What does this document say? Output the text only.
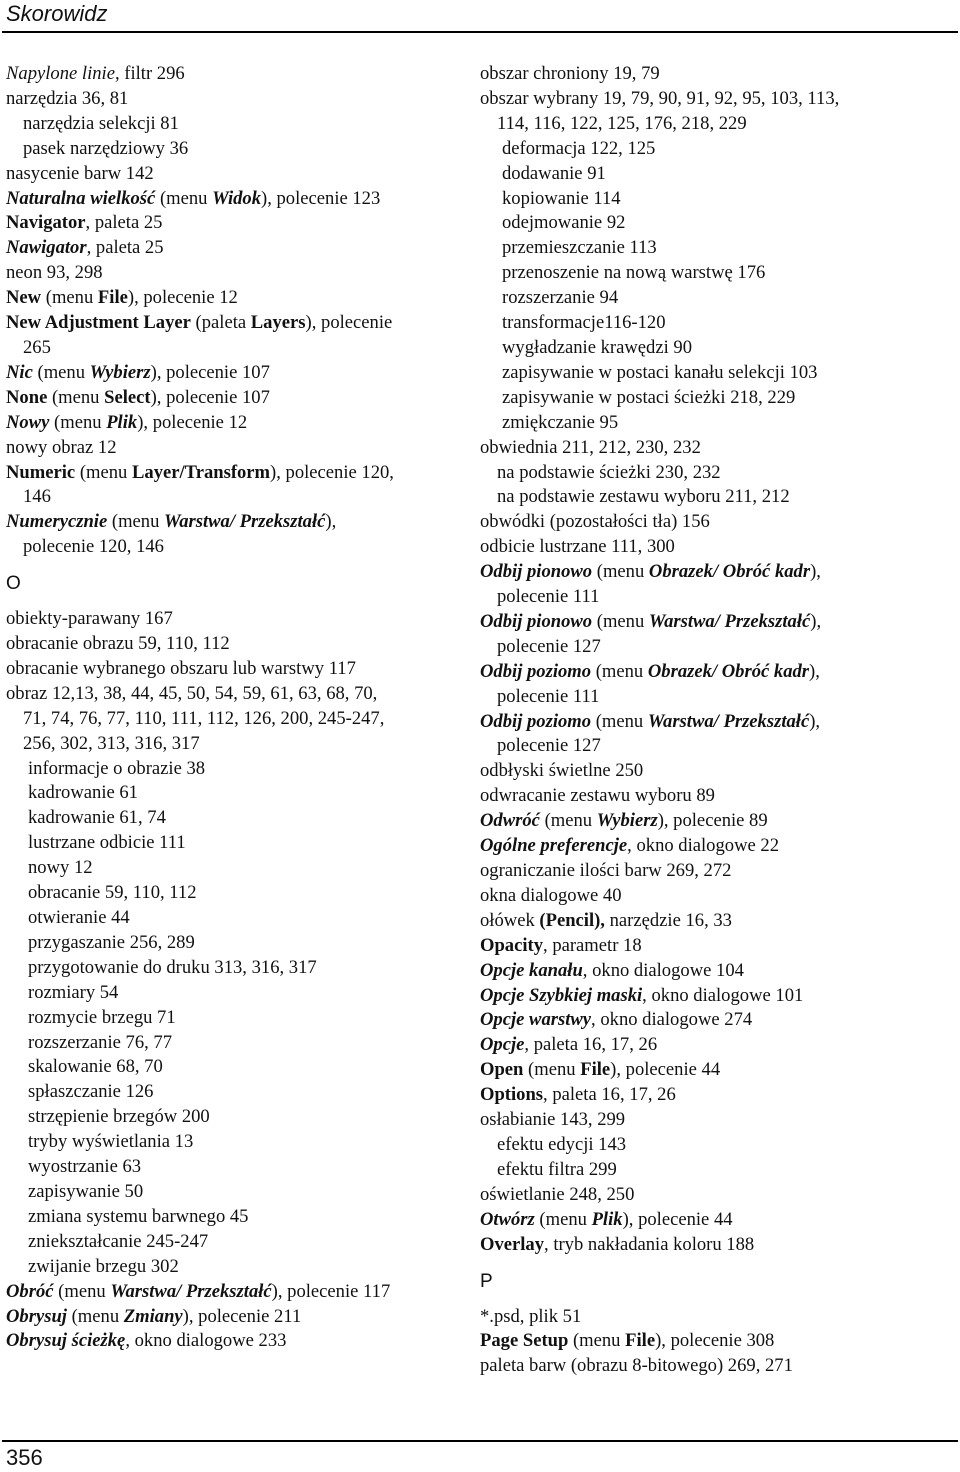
Skorowidz
Napylone linie, filtr 296
narzędzia 36, 81
narzędzia selekcji 81
pasek narzędziowy 36
nasycenie barw 142
Naturalna wielkość (menu Widok), polecenie 123
Navigator, paleta 25
Nawigator, paleta 25
neon 93, 298
New (menu File), polecenie 12
New Adjustment Layer (paleta Layers), polecenie
265
Nic (menu Wybierz), polecenie 107
None (menu Select), polecenie 107
Nowy (menu Plik), polecenie 12
nowy obraz 12
Numeric (menu Layer/Transform), polecenie 120,
146
Numerycznie (menu Warstwa/ Przekształć),
polecenie 120, 146
O
obiekty-parawany 167
obracanie obrazu 59, 110, 112
obracanie wybranego obszaru lub warstwy 117
obraz 12,13, 38, 44, 45, 50, 54, 59, 61, 63, 68, 70,
71, 74, 76, 77, 110, 111, 112, 126, 200, 245-247,
256, 302, 313, 316, 317
informacje o obrazie 38
kadrowanie 61
kadrowanie 61, 74
lustrzane odbicie 111
nowy 12
obracanie 59, 110, 112
otwieranie 44
przygaszanie 256, 289
przygotowanie do druku 313, 316, 317
rozmiary 54
rozmycie brzegu 71
rozszerzanie 76, 77
skalowanie 68, 70
spłaszczanie 126
strzępienie brzegów 200
tryby wyświetlania 13
wyostrzanie 63
zapisywanie 50
zmiana systemu barwnego 45
zniekształcanie 245-247
zwijanie brzegu 302
Obróć (menu Warstwa/ Przekształć), polecenie 117
Obrysuj (menu Zmiany), polecenie 211
Obrysuj ścieżkę, okno dialogowe 233
obszar chroniony 19, 79
obszar wybrany 19, 79, 90, 91, 92, 95, 103, 113,
114, 116, 122, 125, 176, 218, 229
deformacja 122, 125
dodawanie 91
kopiowanie 114
odejmowanie 92
przemieszczanie 113
przenoszenie na nową warstwę 176
rozszerzanie 94
transformacje116-120
wygładzanie krawędzi 90
zapisywanie w postaci kanału selekcji 103
zapisywanie w postaci ścieżki 218, 229
zmiękczanie 95
obwiednia 211, 212, 230, 232
na podstawie ścieżki 230, 232
na podstawie zestawu wyboru 211, 212
obwódki (pozostałości tła) 156
odbicie lustrzane 111, 300
Odbij pionowo (menu Obrazek/ Obróć kadr),
polecenie 111
Odbij pionowo (menu Warstwa/ Przekształć),
polecenie 127
Odbij poziomo (menu Obrazek/ Obróć kadr),
polecenie 111
Odbij poziomo (menu Warstwa/ Przekształć),
polecenie 127
odbłyski świetlne 250
odwracanie zestawu wyboru 89
Odwróć (menu Wybierz), polecenie 89
Ogólne preferencje, okno dialogowe 22
ograniczanie ilości barw 269, 272
okna dialogowe 40
ołówek (Pencil), narzędzie 16, 33
Opacity, parametr 18
Opcje kanału, okno dialogowe 104
Opcje Szybkiej maski, okno dialogowe 101
Opcje warstwy, okno dialogowe 274
Opcje, paleta 16, 17, 26
Open (menu File), polecenie 44
Options, paleta 16, 17, 26
osłabianie 143, 299
efektu edycji 143
efektu filtra 299
oświetlanie 248, 250
Otwórz (menu Plik), polecenie 44
Overlay, tryb nakładania koloru 188
P
*.psd, plik 51
Page Setup (menu File), polecenie 308
paleta barw (obrazu 8-bitowego) 269, 271
356
